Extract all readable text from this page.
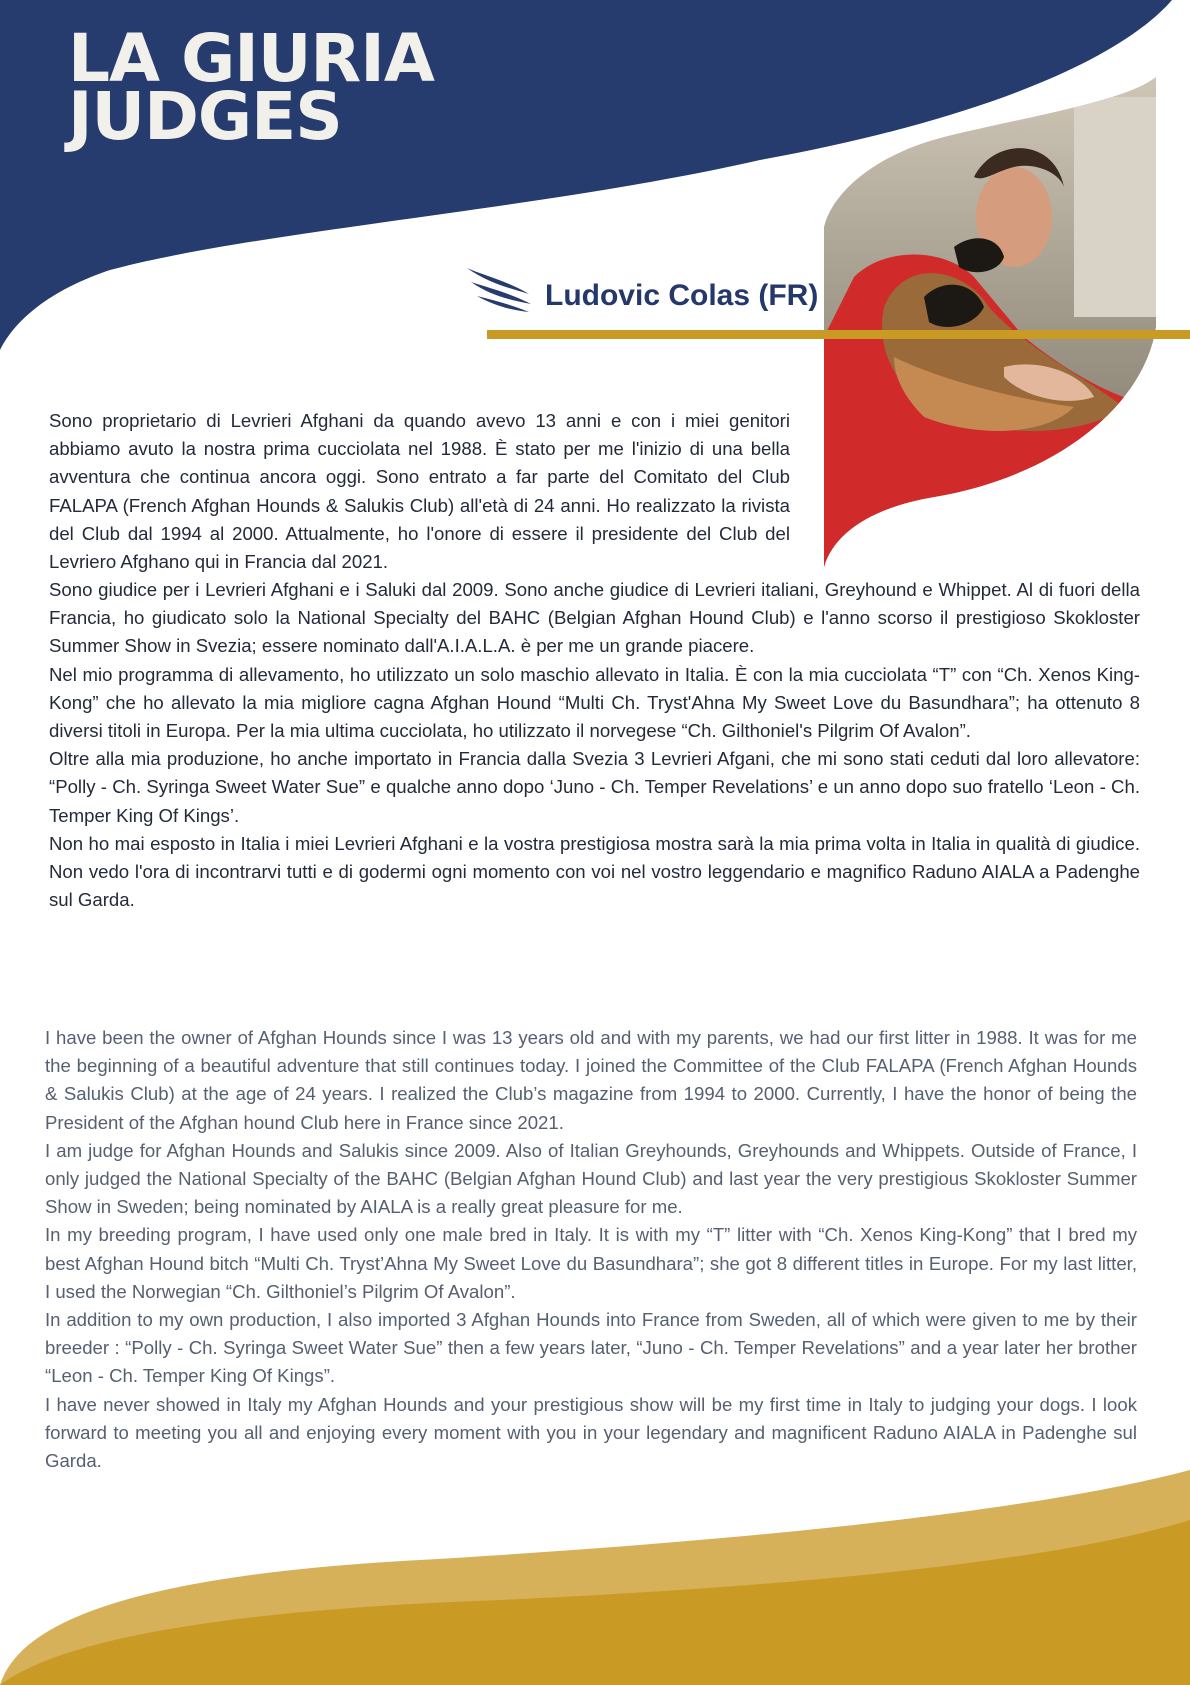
LA GIURIA
JUDGES
Ludovic Colas (FR)

Sono proprietario di Levrieri Afghani da quando avevo 13 anni e con i miei genitori abbiamo avuto la nostra prima cucciolata nel 1988. È stato per me l'inizio di una bella avventura che continua ancora oggi. Sono entrato a far parte del Comitato del Club FALAPA (French Afghan Hounds & Salukis Club) all'età di 24 anni. Ho realizzato la rivista del Club dal 1994 al 2000. Attualmente, ho l'onore di essere il presidente del Club del Levriero Afghano qui in Francia dal 2021.

Sono giudice per i Levrieri Afghani e i Saluki dal 2009. Sono anche giudice di Levrieri italiani, Greyhound e Whippet. Al di fuori della Francia, ho giudicato solo la National Specialty del BAHC (Belgian Afghan Hound Club) e l'anno scorso il prestigioso Skokloster Summer Show in Svezia; essere nominato dall'A.I.A.L.A. è per me un grande piacere.

Nel mio programma di allevamento, ho utilizzato un solo maschio allevato in Italia. È con la mia cucciolata “T” con “Ch. Xenos King-Kong” che ho allevato la mia migliore cagna Afghan Hound “Multi Ch. Tryst'Ahna My Sweet Love du Basundhara”; ha ottenuto 8 diversi titoli in Europa. Per la mia ultima cucciolata, ho utilizzato il norvegese “Ch. Gilthoniel's Pilgrim Of Avalon”.

Oltre alla mia produzione, ho anche importato in Francia dalla Svezia 3 Levrieri Afgani, che mi sono stati ceduti dal loro allevatore: “Polly - Ch. Syringa Sweet Water Sue” e qualche anno dopo ‘Juno - Ch. Temper Revelations’ e un anno dopo suo fratello ‘Leon - Ch. Temper King Of Kings’.

Non ho mai esposto in Italia i miei Levrieri Afghani e la vostra prestigiosa mostra sarà la mia prima volta in Italia in qualità di giudice. Non vedo l'ora di incontrarvi tutti e di godermi ogni momento con voi nel vostro leggendario e magnifico Raduno AIALA a Padenghe sul Garda.

I have been the owner of Afghan Hounds since I was 13 years old and with my parents, we had our first litter in 1988. It was for me the beginning of a beautiful adventure that still continues today. I joined the Committee of the Club FALAPA (French Afghan Hounds & Salukis Club) at the age of 24 years. I realized the Club’s magazine from 1994 to 2000. Currently, I have the honor of being the President of the Afghan hound Club here in France since 2021.

I am judge for Afghan Hounds and Salukis since 2009. Also of Italian Greyhounds, Greyhounds and Whippets. Outside of France, I only judged the National Specialty of the BAHC (Belgian Afghan Hound Club) and last year the very prestigious Skokloster Summer Show in Sweden; being nominated by AIALA is a really great pleasure for me.

In my breeding program, I have used only one male bred in Italy. It is with my “T” litter with “Ch. Xenos King-Kong” that I bred my best Afghan Hound bitch “Multi Ch. Tryst’Ahna My Sweet Love du Basundhara”; she got 8 different titles in Europe. For my last litter, I used the Norwegian “Ch. Gilthoniel’s Pilgrim Of Avalon”.

In addition to my own production, I also imported 3 Afghan Hounds into France from Sweden, all of which were given to me by their breeder : “Polly - Ch. Syringa Sweet Water Sue” then a few years later, “Juno - Ch. Temper Revelations” and a year later her brother “Leon - Ch. Temper King Of Kings”.

I have never showed in Italy my Afghan Hounds and your prestigious show will be my first time in Italy to judging your dogs. I look forward to meeting you all and enjoying every moment with you in your legendary and magnificent Raduno AIALA in Padenghe sul Garda.
